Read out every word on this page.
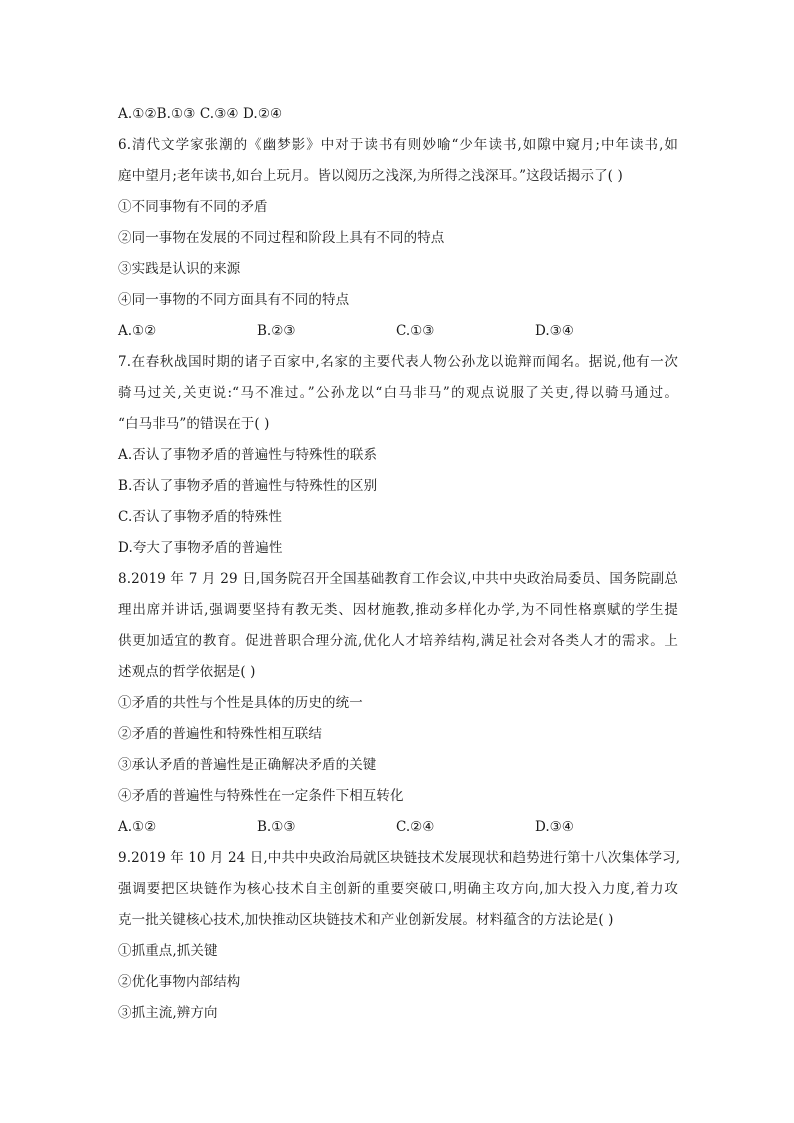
A.①②B.①③ C.③④ D.②④
6.清代文学家张潮的《幽梦影》中对于读书有则妙喻“少年读书,如隙中窥月;中年读书,如
庭中望月;老年读书,如台上玩月。皆以阅历之浅深,为所得之浅深耳。”这段话揭示了( )
①不同事物有不同的矛盾
②同一事物在发展的不同过程和阶段上具有不同的特点
③实践是认识的来源
④同一事物的不同方面具有不同的特点
A.①②	B.②③	C.①③	D.③④
7.在春秋战国时期的诸子百家中,名家的主要代表人物公孙龙以诡辩而闻名。据说,他有一次
骑马过关,关吏说:“马不准过。”公孙龙以“白马非马”的观点说服了关吏,得以骑马通过。
“白马非马”的错误在于( )
A.否认了事物矛盾的普遍性与特殊性的联系
B.否认了事物矛盾的普遍性与特殊性的区别
C.否认了事物矛盾的特殊性
D.夸大了事物矛盾的普遍性
8.2019 年 7 月 29 日,国务院召开全国基础教育工作会议,中共中央政治局委员、国务院副总
理出席并讲话,强调要坚持有教无类、因材施教,推动多样化办学,为不同性格禀赋的学生提
供更加适宜的教育。促进普职合理分流,优化人才培养结构,满足社会对各类人才的需求。上
述观点的哲学依据是( )
①矛盾的共性与个性是具体的历史的统一
②矛盾的普遍性和特殊性相互联结
③承认矛盾的普遍性是正确解决矛盾的关键
④矛盾的普遍性与特殊性在一定条件下相互转化
A.①②	B.①③	C.②④	D.③④
9.2019 年 10 月 24 日,中共中央政治局就区块链技术发展现状和趋势进行第十八次集体学习,
强调要把区块链作为核心技术自主创新的重要突破口,明确主攻方向,加大投入力度,着力攻
克一批关键核心技术,加快推动区块链技术和产业创新发展。材料蕴含的方法论是( )
①抓重点,抓关键
②优化事物内部结构
③抓主流,辨方向
